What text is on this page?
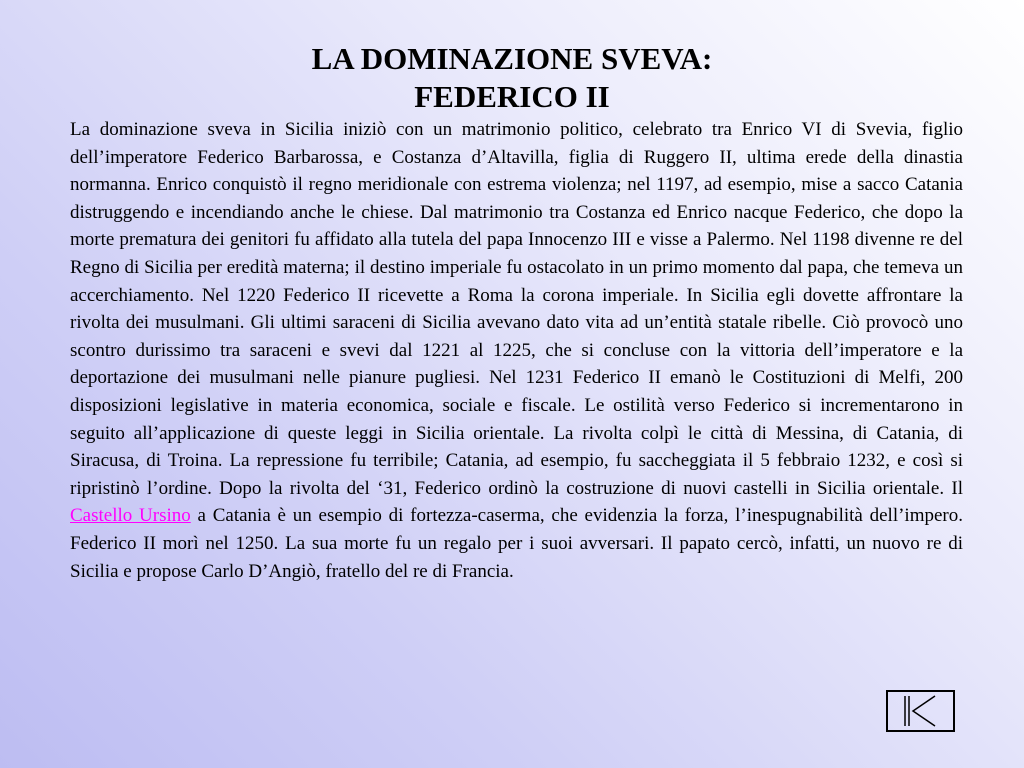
LA DOMINAZIONE SVEVA:
FEDERICO II

La dominazione sveva in Sicilia iniziò con un matrimonio politico, celebrato tra Enrico VI di Svevia, figlio dell’imperatore Federico Barbarossa, e Costanza d’Altavilla, figlia di Ruggero II, ultima erede della dinastia normanna. Enrico conquistò il regno meridionale con estrema violenza; nel 1197, ad esempio, mise a sacco Catania distruggendo e incendiando anche le chiese. Dal matrimonio tra Costanza ed Enrico nacque Federico, che dopo la morte prematura dei genitori fu affidato alla tutela del papa Innocenzo III e visse a Palermo. Nel 1198 divenne re del Regno di Sicilia per eredità materna; il destino imperiale fu ostacolato in un primo momento dal papa, che temeva un accerchiamento. Nel 1220 Federico II ricevette a Roma la corona imperiale. In Sicilia egli dovette affrontare la rivolta dei musulmani. Gli ultimi saraceni di Sicilia avevano dato vita ad un’entità statale ribelle. Ciò provocò uno scontro durissimo tra saraceni e svevi dal 1221 al 1225, che si concluse con la vittoria dell’imperatore e la deportazione dei musulmani nelle pianure pugliesi. Nel 1231 Federico II emanò le Costituzioni di Melfi, 200 disposizioni legislative in materia economica, sociale e fiscale. Le ostilità verso Federico si incrementarono in seguito all’applicazione di queste leggi in Sicilia orientale. La rivolta colpì le città di Messina, di Catania, di Siracusa, di Troina. La repressione fu terribile; Catania, ad esempio, fu saccheggiata il 5 febbraio 1232, e così si ripristinò l’ordine. Dopo la rivolta del ‘31, Federico ordinò la costruzione di nuovi castelli in Sicilia orientale. Il Castello Ursino a Catania è un esempio di fortezza-caserma, che evidenzia la forza, l’inespugnabilità dell’impero. Federico II morì nel 1250. La sua morte fu un regalo per i suoi avversari. Il papato cercò, infatti, un nuovo re di Sicilia e propose Carlo D’Angiò, fratello del re di Francia.
